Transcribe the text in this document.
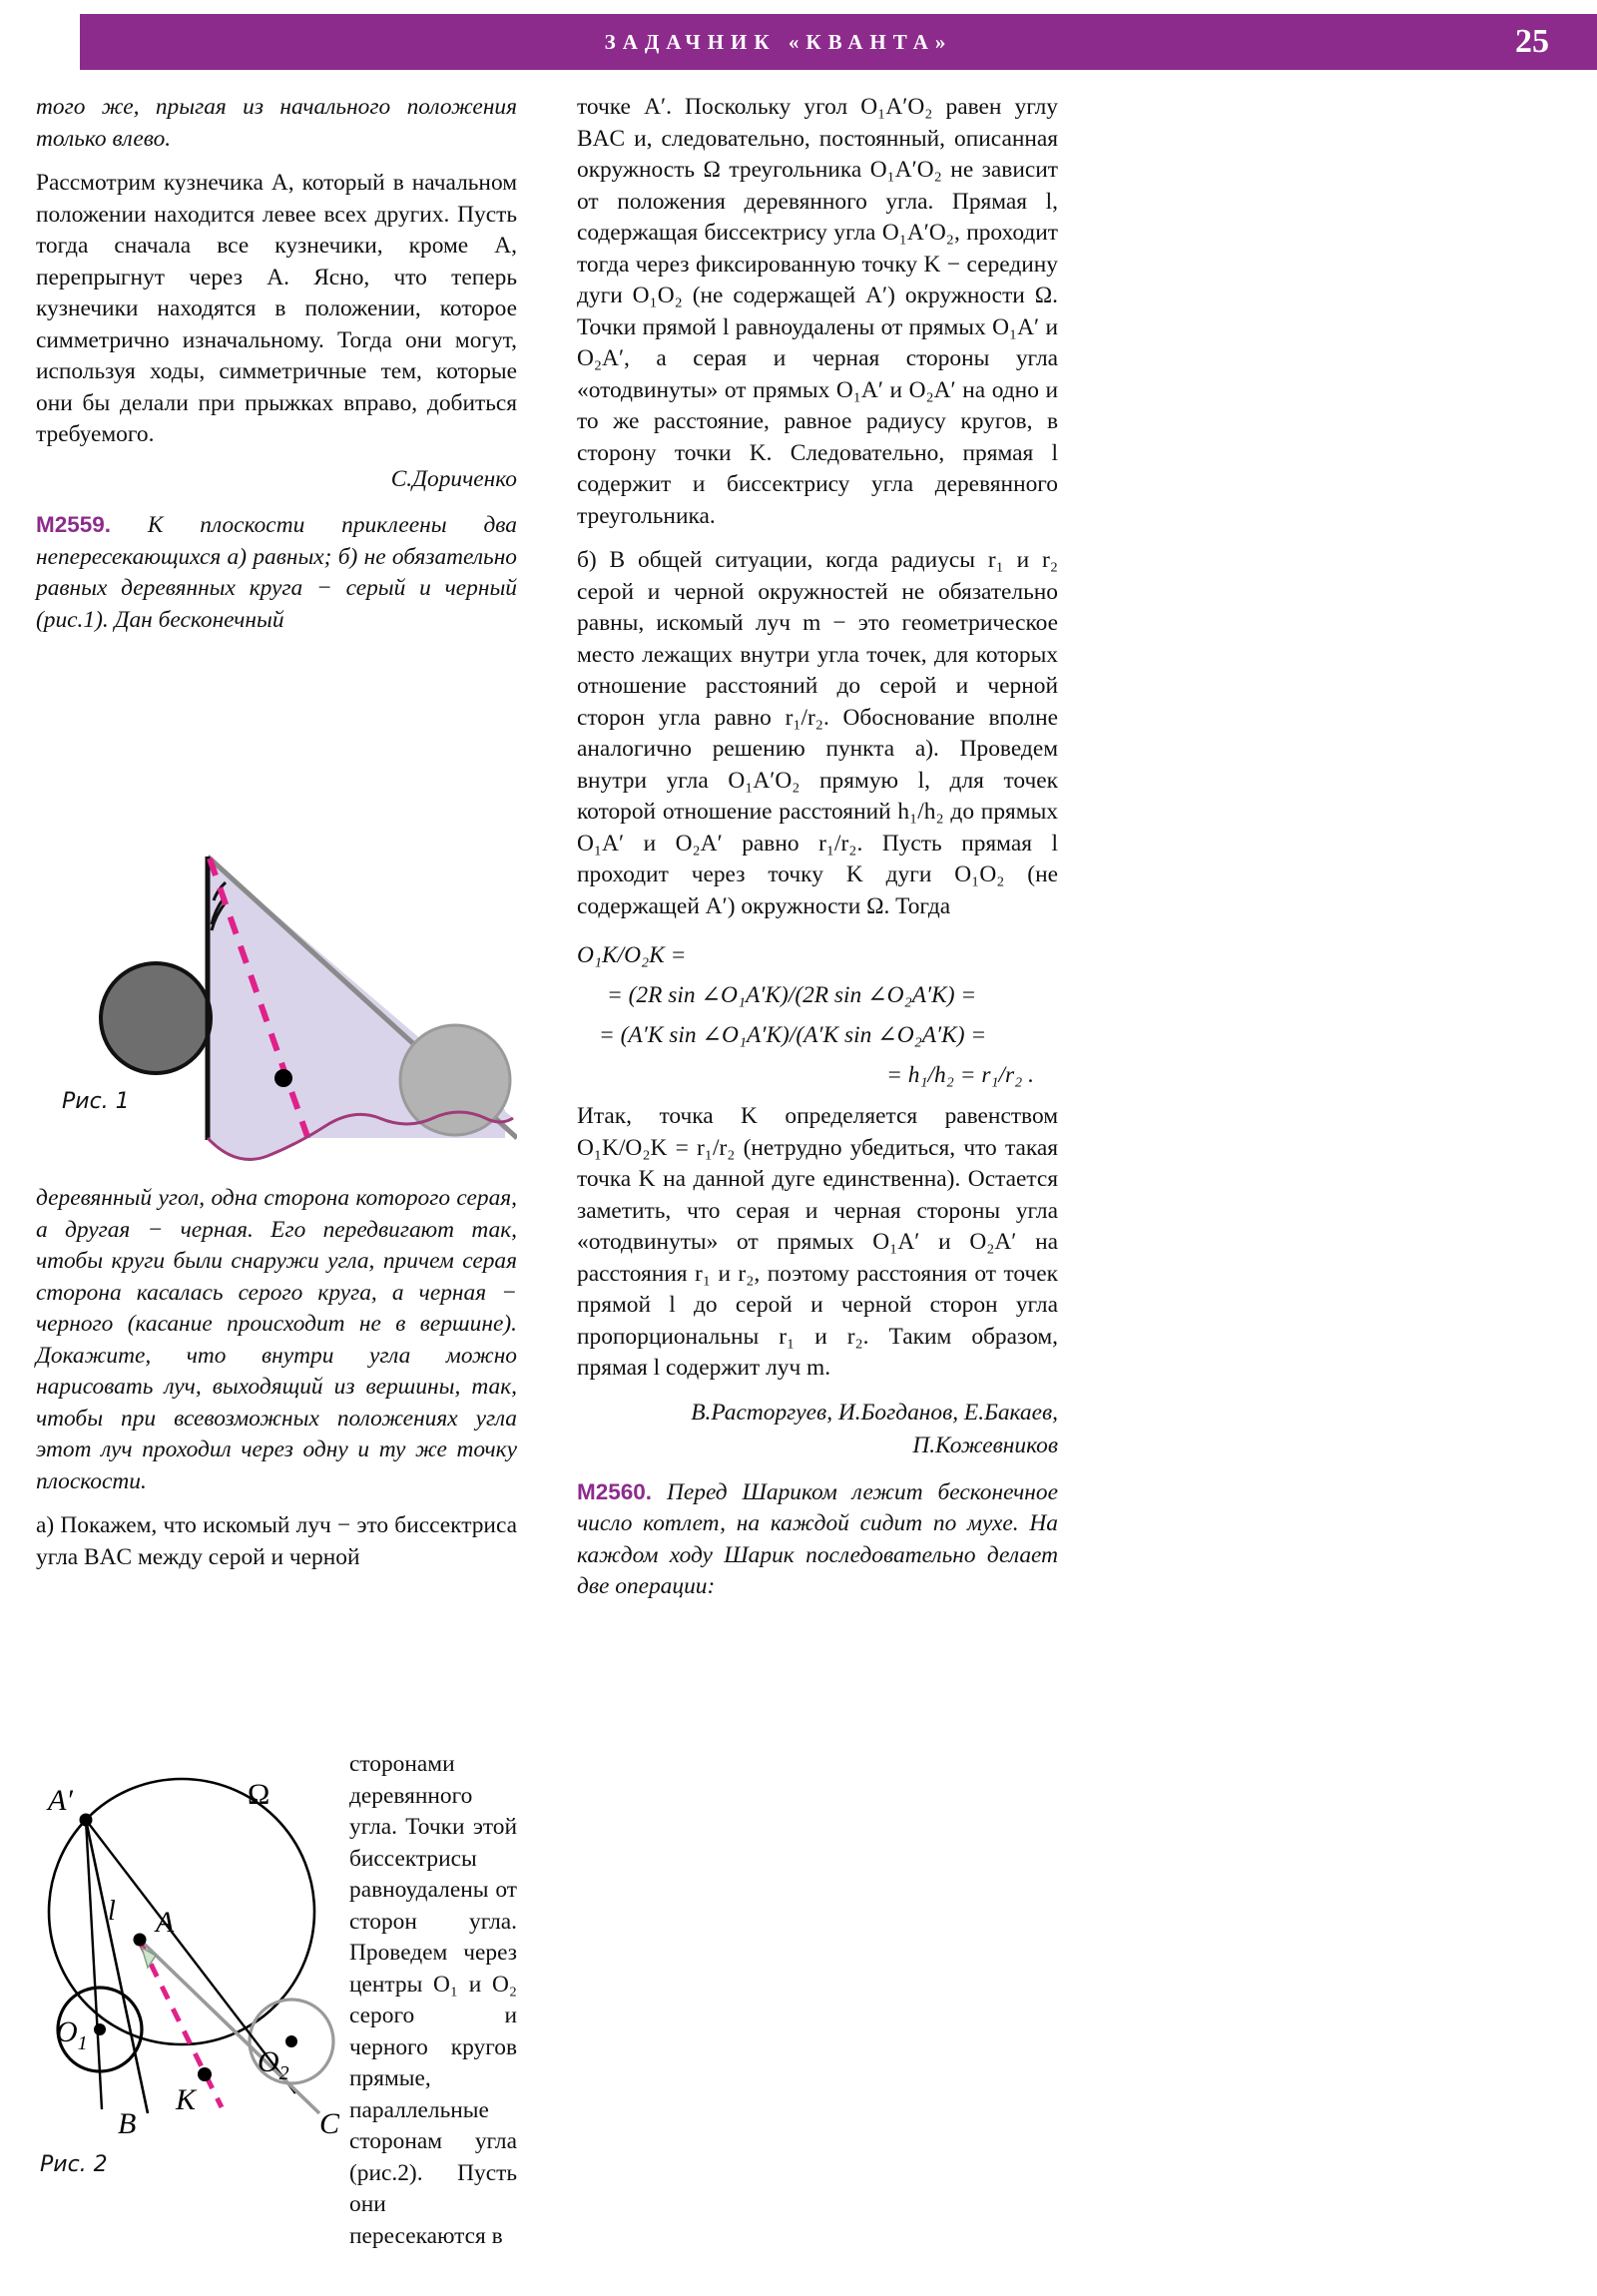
ЗАДАЧНИК «КВАНТА»	25

того же, прыгая из начального положения только влево.

Рассмотрим кузнечика A, который в начальном положении находится левее всех других. Пусть тогда сначала все кузнечики, кроме A, перепрыгнут через A. Ясно, что теперь кузнечики находятся в положении, которое симметрично изначальному. Тогда они могут, используя ходы, симметричные тем, которые они бы делали при прыжках вправо, добиться требуемого.

С.Дориченко

M2559. К плоскости приклеены два непересекающихся а) равных; б) не обязательно равных деревянных круга − серый и черный (рис.1). Дан бесконечный

Рис. 1

деревянный угол, одна сторона которого серая, а другая − черная. Его передвигают так, чтобы круги были снаружи угла, причем серая сторона касалась серого круга, а черная − черного (касание происходит не в вершине). Докажите, что внутри угла можно нарисовать луч, выходящий из вершины, так, чтобы при всевозможных положениях угла этот луч проходил через одну и ту же точку плоскости.

а) Покажем, что искомый луч − это биссектриса угла BAC между серой и черной

A′	Ω
l A
$O_1$
$O_2$
B
K
C
Рис. 2
сторонами деревянного угла. Точки этой биссектрисы равноудалены от сторон угла. Проведем через центры O₁ и O₂ серого и черного кругов прямые, параллельные сторонам угла (рис.2). Пусть они пересекаются в

точке A′. Поскольку угол O₁A′O₂ равен углу BAC и, следовательно, постоянный, описанная окружность Ω треугольника O₁A′O₂ не зависит от положения деревянного угла. Прямая l, содержащая биссектрису угла O₁A′O₂, проходит тогда через фиксированную точку K − середину дуги O₁O₂ (не содержащей A′) окружности Ω. Точки прямой l равноудалены от прямых O₁A′ и O₂A′, а серая и черная стороны угла «отодвинуты» от прямых O₁A′ и O₂A′ на одно и то же расстояние, равное радиусу кругов, в сторону точки K. Следовательно, прямая l содержит и биссектрису угла деревянного треугольника.

б) В общей ситуации, когда радиусы r₁ и r₂ серой и черной окружностей не обязательно равны, искомый луч m − это геометрическое место лежащих внутри угла точек, для которых отношение расстояний до серой и черной сторон угла равно r₁/r₂. Обоснование вполне аналогично решению пункта а). Проведем внутри угла O₁A′O₂ прямую l, для точек которой отношение расстояний h₁/h₂ до прямых O₁A′ и O₂A′ равно r₁/r₂. Пусть прямая l проходит через точку K дуги O₁O₂ (не содержащей A′) окружности Ω. Тогда

O₁K/O₂K =
= (2R sin ∠O₁A′K)/(2R sin ∠O₂A′K) =
= (A′K sin ∠O₁A′K)/(A′K sin ∠O₂A′K) =
= h₁/h₂ = r₁/r₂ .

Итак, точка K определяется равенством O₁K/O₂K = r₁/r₂ (нетрудно убедиться, что такая точка K на данной дуге единственна). Остается заметить, что серая и черная стороны угла «отодвинуты» от прямых O₁A′ и O₂A′ на расстояния r₁ и r₂, поэтому расстояния от точек прямой l до серой и черной сторон угла пропорциональны r₁ и r₂. Таким образом, прямая l содержит луч m.

В.Расторгуев, И.Богданов, Е.Бакаев,

П.Кожевников

M2560. Перед Шариком лежит бесконечное число котлет, на каждой сидит по мухе. На каждом ходу Шарик последовательно делает две операции:
